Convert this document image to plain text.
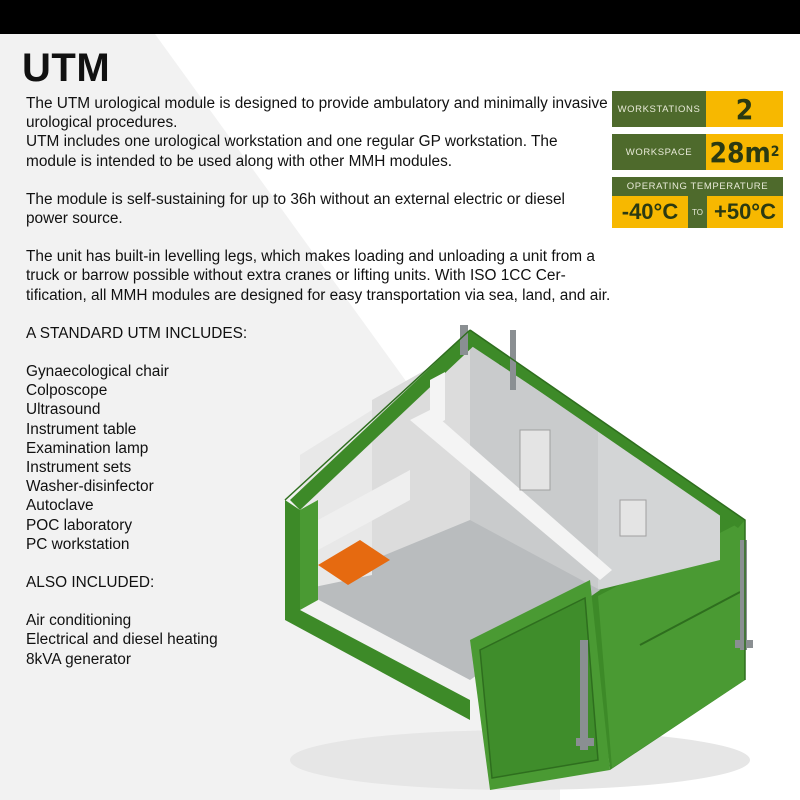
UTM

The UTM urological module is designed to provide ambulatory and minimally invasive urological procedures.

UTM includes one urological workstation and one regular GP workstation. The module is intended to be used along with other MMH modules.

The module is self-sustaining for up to 36h without an external electric or diesel power source.

The unit has built-in levelling legs, which makes loading and unloading a unit from a truck or barrow possible without extra cranes or lifting units. With ISO 1CC Cer-tification, all MMH modules are designed for easy transportation via sea, land, and air.

A STANDARD UTM INCLUDES:

Gynaecological chair

Colposcope

Ultrasound

Instrument table

Examination lamp

Instrument sets

Washer-disinfector

Autoclave

POC laboratory

PC workstation

ALSO INCLUDED:

Air conditioning

Electrical and diesel heating

8kVA generator

WORKSTATIONS	2
WORKSPACE 28m 2
OPERATING TEMPERATURE
-40°C	TO +50°C
